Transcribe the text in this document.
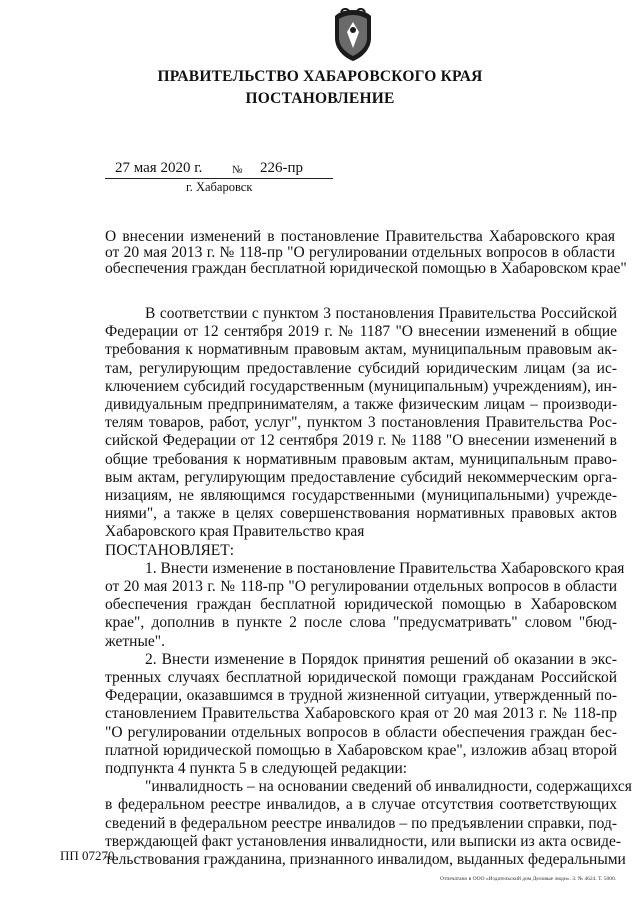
ПРАВИТЕЛЬСТВО ХАБАРОВСКОГО КРАЯ
ПОСТАНОВЛЕНИЕ
27 мая 2020 г.	№ 226-пр
г. Хабаровск
О внесении изменений в постановление Правительства Хабаровского края
от 20 мая 2013 г. № 118-пр "О регулировании отдельных вопросов в области
обеспечения граждан бесплатной юридической помощью в Хабаровском крае"

В соответствии с пунктом 3 постановления Правительства Российской
Федерации от 12 сентября 2019 г. № 1187 "О внесении изменений в общие
требования к нормативным правовым актам, муниципальным правовым ак-
там, регулирующим предоставление субсидий юридическим лицам (за ис-
ключением субсидий государственным (муниципальным) учреждениям), ин-
дивидуальным предпринимателям, а также физическим лицам – производи-
телям товаров, работ, услуг", пунктом 3 постановления Правительства Рос-
сийской Федерации от 12 сентября 2019 г. № 1188 "О внесении изменений в
общие требования к нормативным правовым актам, муниципальным право-
вым актам, регулирующим предоставление субсидий некоммерческим орга-
низациям, не являющимся государственными (муниципальными) учрежде-
ниями", а также в целях совершенствования нормативных правовых актов
Хабаровского края Правительство края

ПОСТАНОВЛЯЕТ:

1. Внести изменение в постановление Правительства Хабаровского края
от 20 мая 2013 г. № 118-пр "О регулировании отдельных вопросов в области
обеспечения граждан бесплатной юридической помощью в Хабаровском
крае", дополнив в пункте 2 после слова "предусматривать" словом "бюд-
жетные".

2. Внести изменение в Порядок принятия решений об оказании в экс-
тренных случаях бесплатной юридической помощи гражданам Российской
Федерации, оказавшимся в трудной жизненной ситуации, утвержденный по-
становлением Правительства Хабаровского края от 20 мая 2013 г. № 118-пр
"О регулировании отдельных вопросов в области обеспечения граждан бес-
платной юридической помощью в Хабаровском крае", изложив абзац второй
подпункта 4 пункта 5 в следующей редакции:

"инвалидность – на основании сведений об инвалидности, содержащихся
в федеральном реестре инвалидов, а в случае отсутствия соответствующих
сведений в федеральном реестре инвалидов – по предъявлении справки, под-
тверждающей факт установления инвалидности, или выписки из акта освиде-
тельствования гражданина, признанного инвалидом, выданных федеральными

ПП 07270
Отпечатано в ООО «Издательский дом Деловые люди». З. № 4624. Т. 5000.
